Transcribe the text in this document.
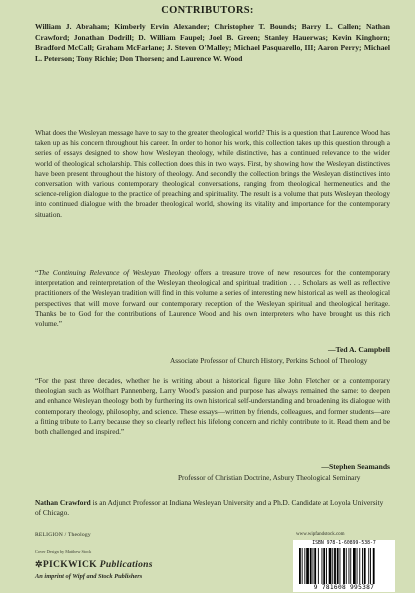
CONTRIBUTORS:
William J. Abraham; Kimberly Ervin Alexander; Christopher T. Bounds; Barry L. Callen; Nathan Crawford; Jonathan Dodrill; D. William Faupel; Joel B. Green; Stanley Hauerwas; Kevin Kinghorn; Bradford McCall; Graham McFarlane; J. Steven O'Malley; Michael Pasquarello, III; Aaron Perry; Michael L. Peterson; Tony Richie; Don Thorsen; and Laurence W. Wood
What does the Wesleyan message have to say to the greater theological world? This is a question that Laurence Wood has taken up as his concern throughout his career. In order to honor his work, this collection takes up this question through a series of essays designed to show how Wesleyan theology, while distinctive, has a continued relevance to the wider world of theological scholarship. This collection does this in two ways. First, by showing how the Wesleyan distinctives have been present throughout the history of theology. And secondly the collection brings the Wesleyan distinctives into conversation with various contemporary theological conversations, ranging from theological hermeneutics and the science-religion dialogue to the practice of preaching and spirituality. The result is a volume that puts Wesleyan theology into continued dialogue with the broader theological world, showing its vitality and importance for the contemporary situation.
“The Continuing Relevance of Wesleyan Theology offers a treasure trove of new resources for the contemporary interpretation and reinterpretation of the Wesleyan theological and spiritual tradition . . . Scholars as well as reflective practitioners of the Wesleyan tradition will find in this volume a series of interesting new historical as well as theological perspectives that will move forward our contemporary reception of the Wesleyan spiritual and theological heritage. Thanks be to God for the contributions of Laurence Wood and his own interpreters who have brought us this rich volume.”
—Ted A. Campbell
Associate Professor of Church History, Perkins School of Theology
“For the past three decades, whether he is writing about a historical figure like John Fletcher or a contemporary theologian such as Wolfhart Pannenberg, Larry Wood's passion and purpose has always remained the same: to deepen and enhance Wesleyan theology both by furthering its own historical self-understanding and broadening its dialogue with contemporary theology, philosophy, and science. These essays—written by friends, colleagues, and former students—are a fitting tribute to Larry because they so clearly reflect his lifelong concern and richly contribute to it. Read them and be both challenged and inspired.”
—Stephen Seamands
Professor of Christian Doctrine, Asbury Theological Seminary
Nathan Crawford is an Adjunct Professor at Indiana Wesleyan University and a Ph.D. Candidate at Loyola University of Chicago.
RELIGION / Theology
Cover Design by Matthew Stock
✲PICKWICK Publications
An imprint of Wipf and Stock Publishers
www.wipfandstock.com
ISBN 978-1-60899-538-7
9 781608 995387
